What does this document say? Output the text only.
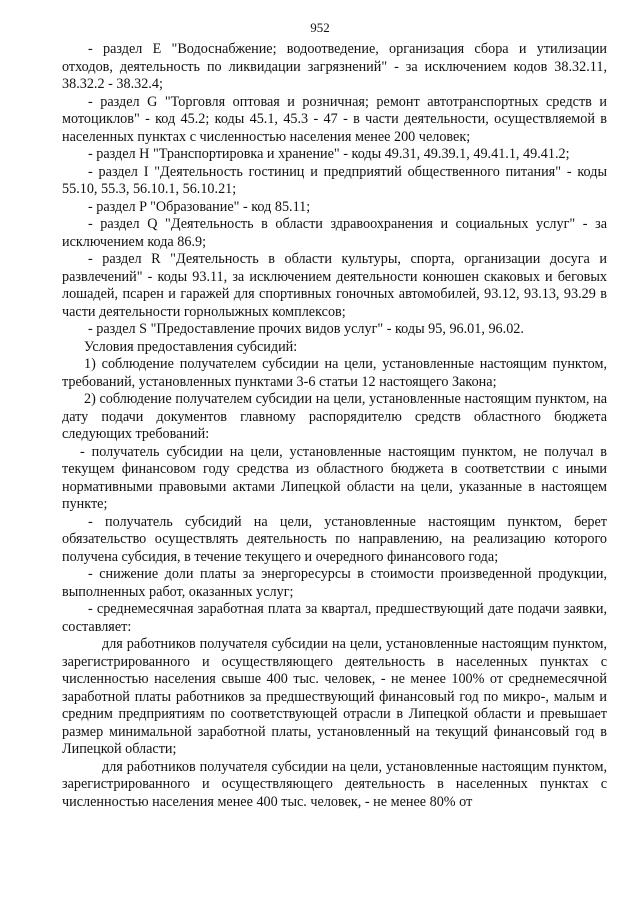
952

- раздел E "Водоснабжение; водоотведение, организация сбора и утилизации отходов, деятельность по ликвидации загрязнений" - за исключением кодов 38.32.11, 38.32.2 - 38.32.4;

- раздел G "Торговля оптовая и розничная; ремонт автотранспортных средств и мотоциклов" - код 45.2; коды 45.1, 45.3 - 47 - в части деятельности, осуществляемой в населенных пунктах с численностью населения менее 200 человек;

- раздел H "Транспортировка и хранение" - коды 49.31, 49.39.1, 49.41.1, 49.41.2;

- раздел I "Деятельность гостиниц и предприятий общественного питания" - коды 55.10, 55.3, 56.10.1, 56.10.21;

- раздел P "Образование" - код 85.11;

- раздел Q "Деятельность в области здравоохранения и социальных услуг" - за исключением кода 86.9;

- раздел R "Деятельность в области культуры, спорта, организации досуга и развлечений" - коды 93.11, за исключением деятельности конюшен скаковых и беговых лошадей, псарен и гаражей для спортивных гоночных автомобилей, 93.12, 93.13, 93.29 в части деятельности горнолыжных комплексов;

- раздел S "Предоставление прочих видов услуг" - коды 95, 96.01, 96.02.

Условия предоставления субсидий:

1) соблюдение получателем субсидии на цели, установленные настоящим пунктом, требований, установленных пунктами 3-6 статьи 12 настоящего Закона;

2) соблюдение получателем субсидии на цели, установленные настоящим пунктом, на дату подачи документов главному распорядителю средств областного бюджета следующих требований:

- получатель субсидии на цели, установленные настоящим пунктом, не получал в текущем финансовом году средства из областного бюджета в соответствии с иными нормативными правовыми актами Липецкой области на цели, указанные в настоящем пункте;

- получатель субсидий на цели, установленные настоящим пунктом, берет обязательство осуществлять деятельность по направлению, на реализацию которого получена субсидия, в течение текущего и очередного финансового года;

- снижение доли платы за энергоресурсы в стоимости произведенной продукции, выполненных работ, оказанных услуг;

- среднемесячная заработная плата за квартал, предшествующий дате подачи заявки, составляет:

для работников получателя субсидии на цели, установленные настоящим пунктом, зарегистрированного и осуществляющего деятельность в населенных пунктах с численностью населения свыше 400 тыс. человек, - не менее 100% от среднемесячной заработной платы работников за предшествующий финансовый год по микро-, малым и средним предприятиям по соответствующей отрасли в Липецкой области и превышает размер минимальной заработной платы, установленный на текущий финансовый год в Липецкой области;

для работников получателя субсидии на цели, установленные настоящим пунктом, зарегистрированного и осуществляющего деятельность в населенных пунктах с численностью населения менее 400 тыс. человек, - не менее 80% от
